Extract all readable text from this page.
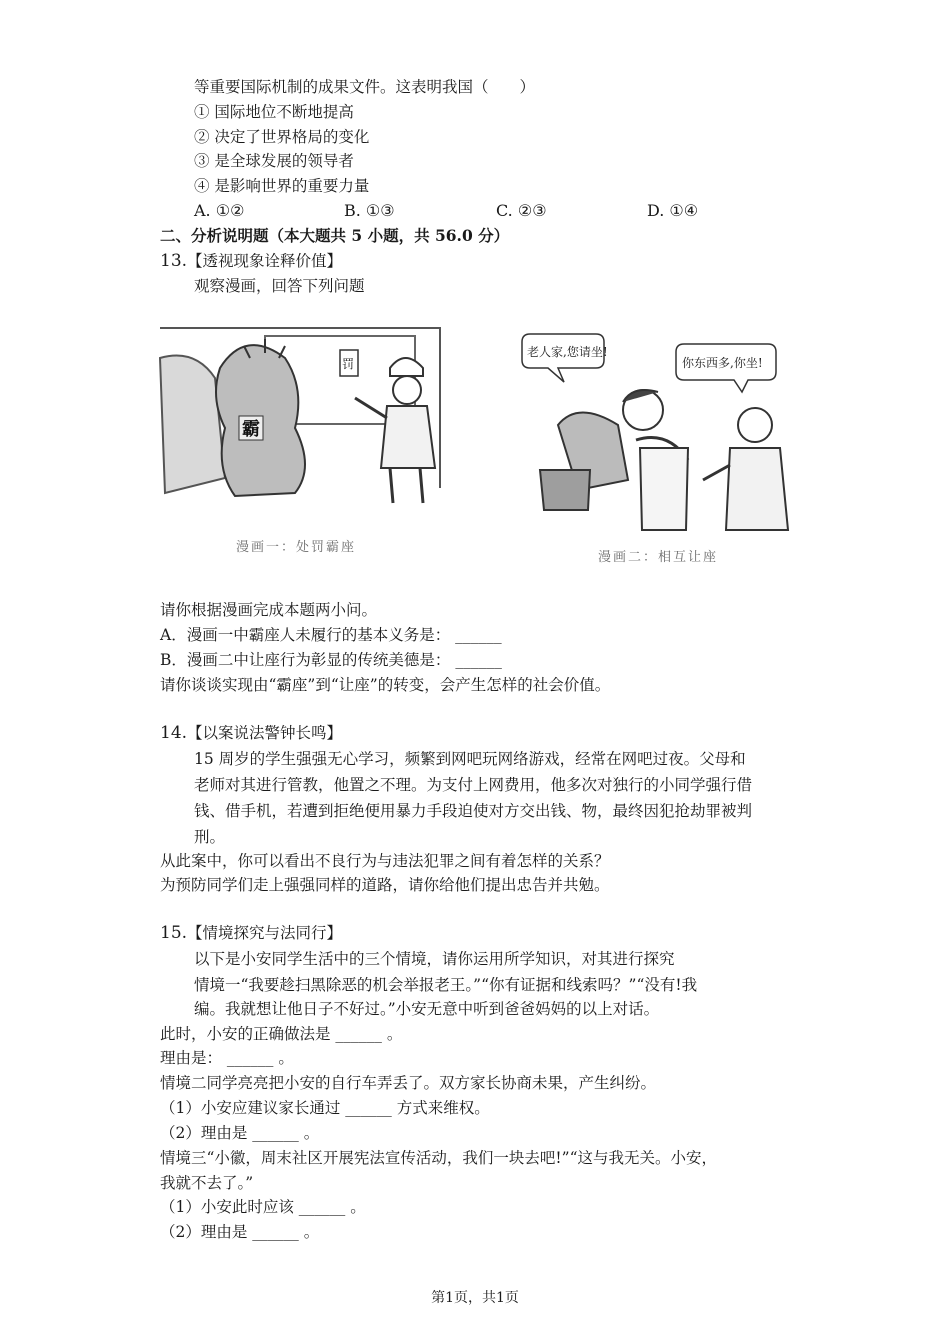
等重要国际机制的成果文件。这表明我国（　　）
① 国际地位不断地提高
② 决定了世界格局的变化
③ 是全球发展的领导者
④ 是影响世界的重要力量
A. ①②	B. ①③	C. ②③	D. ①④
二、分析说明题（本大题共 5 小题，共 56.0 分）
13.【透视现象诠释价值】
观察漫画，回答下列问题
霸
罚
漫画一：处罚霸座
老人家,您请坐!
你东西多,你坐!
漫画二：相互让座
请你根据漫画完成本题两小问。
A．漫画一中霸座人未履行的基本义务是： ______
B．漫画二中让座行为彰显的传统美德是： ______
请你谈谈实现由“霸座”到“让座”的转变，会产生怎样的社会价值。
14.【以案说法警钟长鸣】
15 周岁的学生强强无心学习，频繁到网吧玩网络游戏，经常在网吧过夜。父母和
老师对其进行管教，他置之不理。为支付上网费用，他多次对独行的小同学强行借
钱、借手机，若遭到拒绝便用暴力手段迫使对方交出钱、物，最终因犯抢劫罪被判
刑。
从此案中，你可以看出不良行为与违法犯罪之间有着怎样的关系？
为预防同学们走上强强同样的道路，请你给他们提出忠告并共勉。
15.【情境探究与法同行】
以下是小安同学生活中的三个情境，请你运用所学知识，对其进行探究
情境一“我要趁扫黑除恶的机会举报老王。”“你有证据和线索吗？”“没有!我
编。我就想让他日子不好过。”小安无意中听到爸爸妈妈的以上对话。
此时，小安的正确做法是 ______ 。
理由是： ______ 。
情境二同学亮亮把小安的自行车弄丢了。双方家长协商未果，产生纠纷。
（1）小安应建议家长通过 ______ 方式来维权。
（2）理由是 ______ 。
情境三“小徽，周末社区开展宪法宣传活动，我们一块去吧!”“这与我无关。小安，
我就不去了。”
（1）小安此时应该 ______ 。
（2）理由是 ______ 。
第1页，共1页
